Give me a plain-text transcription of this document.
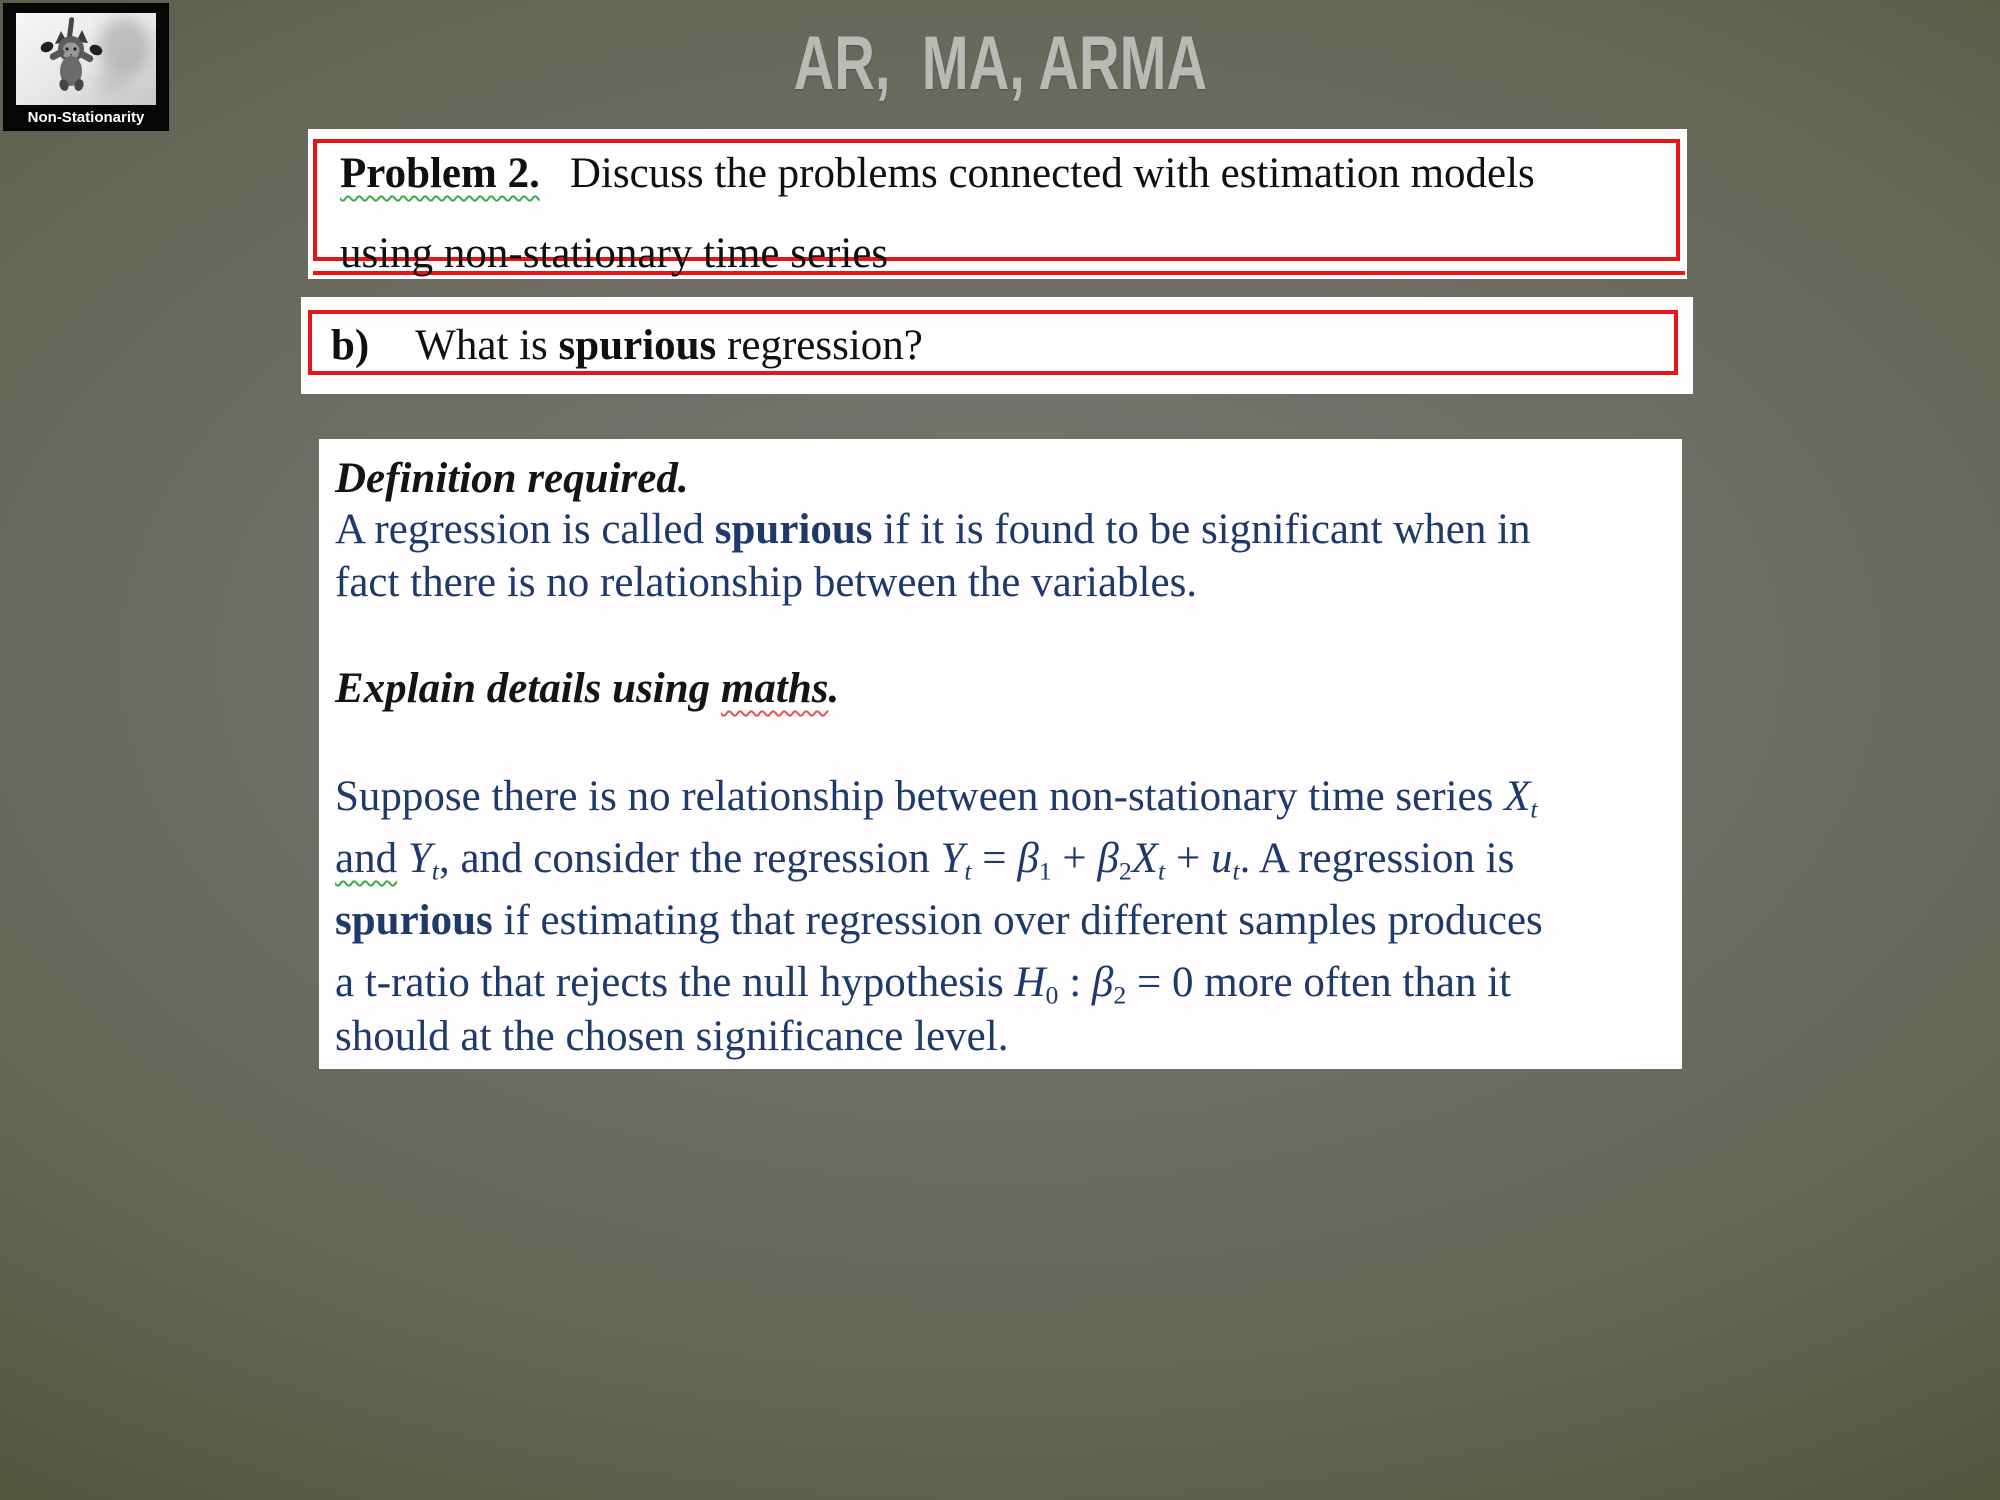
Non-Stationarity
AR,  MA, ARMA
Problem 2. Discuss the problems connected with estimation models
using non-stationary time series
b) What is spurious regression?
Definition required.
A regression is called spurious if it is found to be significant when in
fact there is no relationship between the variables.
Explain details using maths.
Suppose there is no relationship between non-stationary time series $X_t$
and $Y_t$, and consider the regression $Y_t = \beta_1 + \beta_2X_t + u_t$. A regression is
spurious if estimating that regression over different samples produces
a t-ratio that rejects the null hypothesis $H_0$ : $\beta_2 = 0$ more often than it
should at the chosen significance level.
